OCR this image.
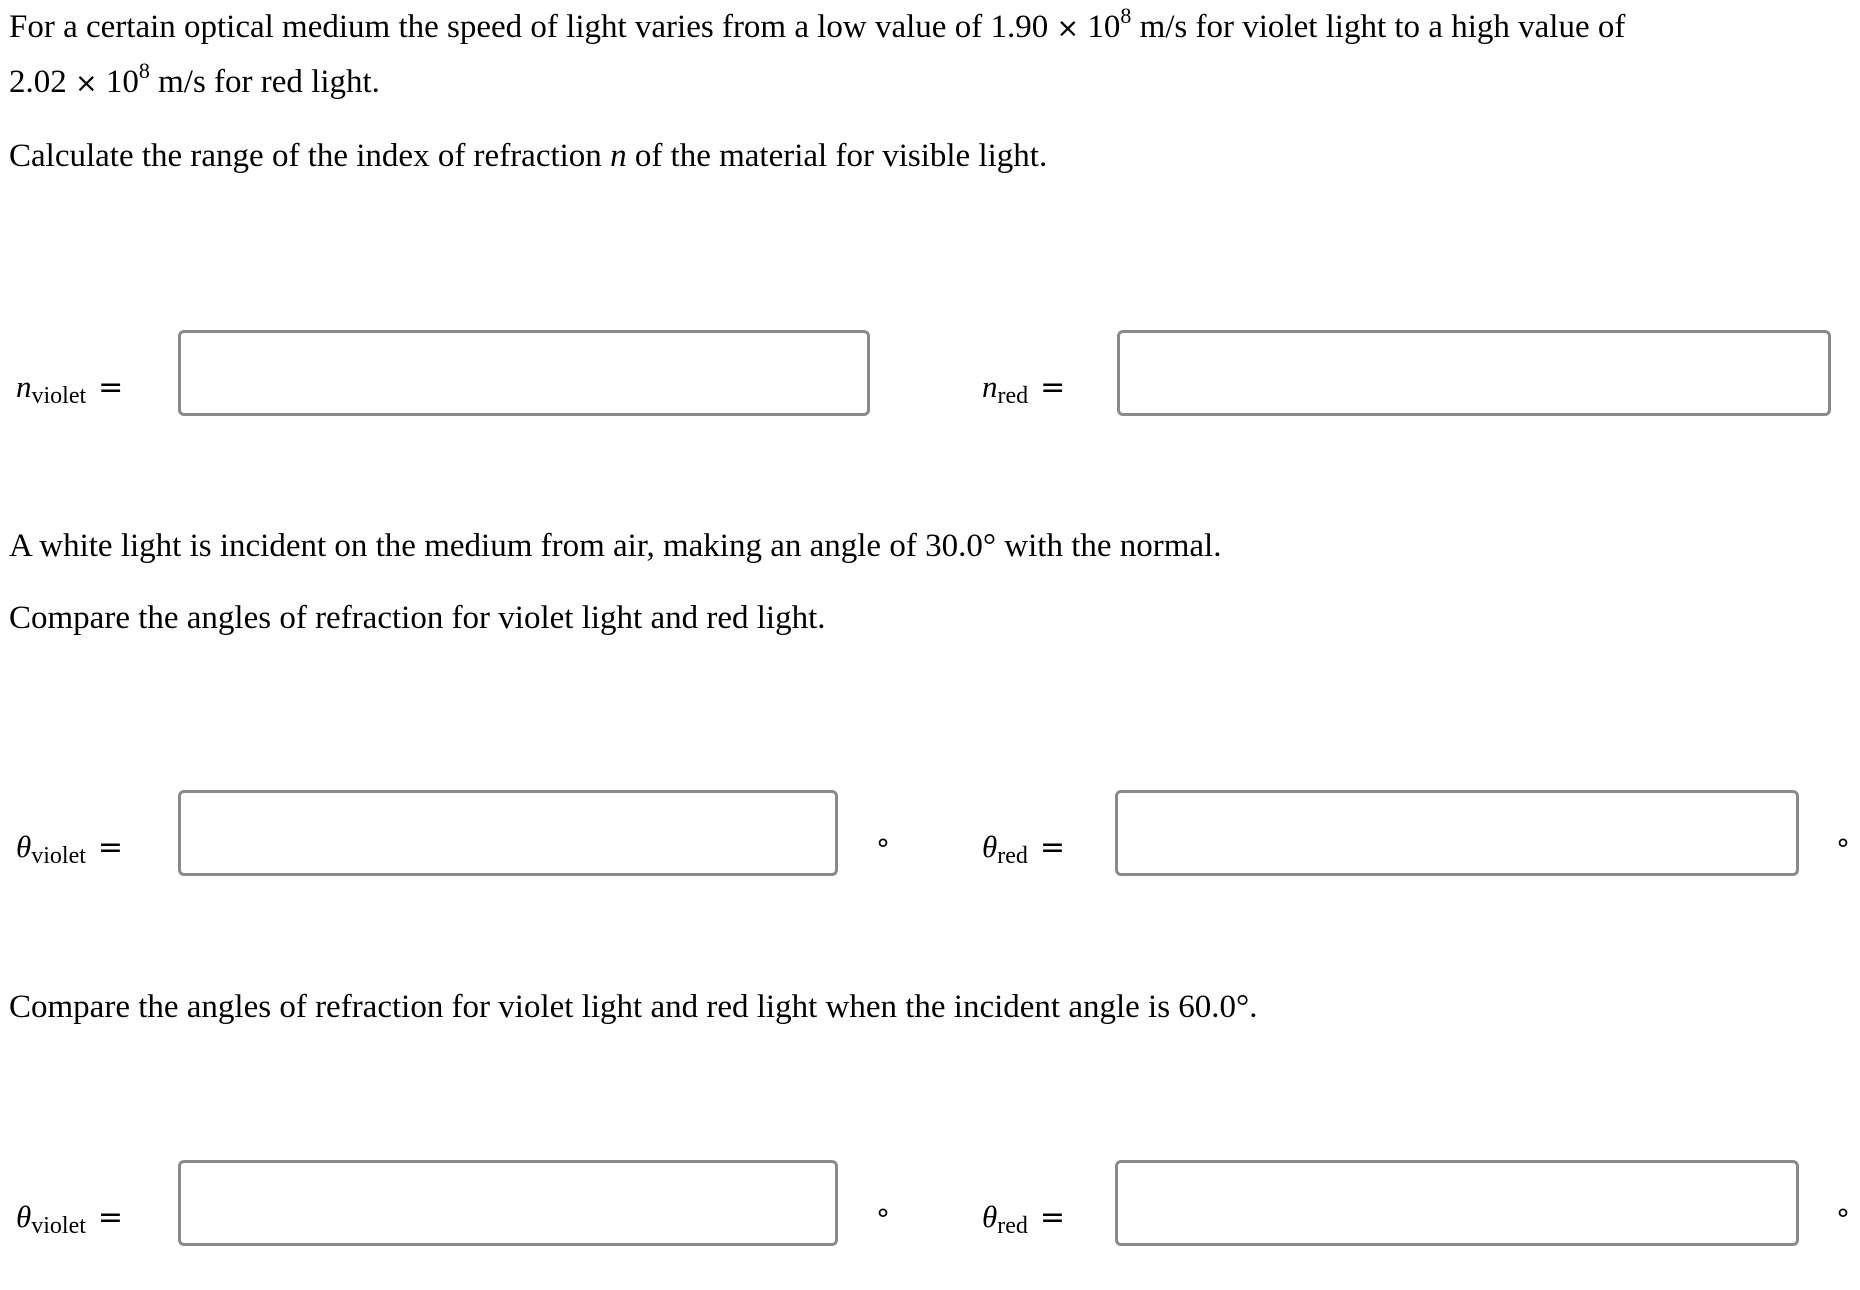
For a certain optical medium the speed of light varies from a low value of $1.90 \times 10^8$ m/s for violet light to a high value of
$2.02 \times 10^8$ m/s for red light.
Calculate the range of the index of refraction n of the material for visible light.
nviolet =	nred =
A white light is incident on the medium from air, making an angle of 30.0° with the normal.
Compare the angles of refraction for violet light and red light.
θviolet =	°	θred =	°
Compare the angles of refraction for violet light and red light when the incident angle is 60.0°.
θviolet =	°	θred =	°
